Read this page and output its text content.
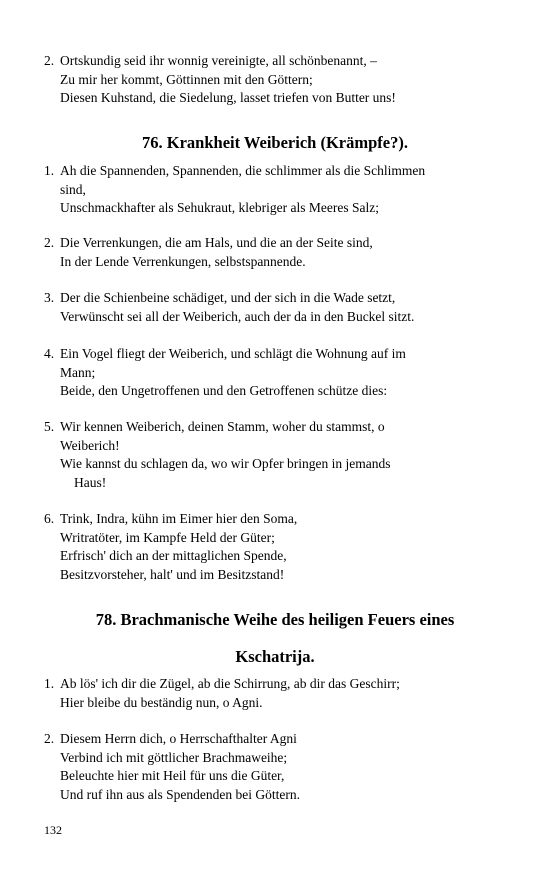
2. Ortskundig seid ihr wonnig vereinigte, all schönbenannt, –
Zu mir her kommt, Göttinnen mit den Göttern;
Diesen Kuhstand, die Siedelung, lasset triefen von Butter uns!
76. Krankheit Weiberich (Krämpfe?).
1. Ah die Spannenden, Spannenden, die schlimmer als die Schlimmen
sind,
Unschmackhafter als Sehukraut, klebriger als Meeres Salz;
2. Die Verrenkungen, die am Hals, und die an der Seite sind,
In der Lende Verrenkungen, selbstspannende.
3. Der die Schienbeine schädiget, und der sich in die Wade setzt,
Verwünscht sei all der Weiberich, auch der da in den Buckel sitzt.
4. Ein Vogel fliegt der Weiberich, und schlägt die Wohnung auf im
Mann;
Beide, den Ungetroffenen und den Getroffenen schütze dies:
5. Wir kennen Weiberich, deinen Stamm, woher du stammst, o
Weiberich!
Wie kannst du schlagen da, wo wir Opfer bringen in jemands
Haus!
6. Trink, Indra, kühn im Eimer hier den Soma,
Writratöter, im Kampfe Held der Güter;
Erfrisch' dich an der mittaglichen Spende,
Besitzvorsteher, halt' und im Besitzstand!
78. Brachmanische Weihe des heiligen Feuers eines
Kschatrija.
1. Ab lös' ich dir die Zügel, ab die Schirrung, ab dir das Geschirr;
Hier bleibe du beständig nun, o Agni.
2. Diesem Herrn dich, o Herrschafthalter Agni
Verbind ich mit göttlicher Brachmaweihe;
Beleuchte hier mit Heil für uns die Güter,
Und ruf ihn aus als Spendenden bei Göttern.
132
